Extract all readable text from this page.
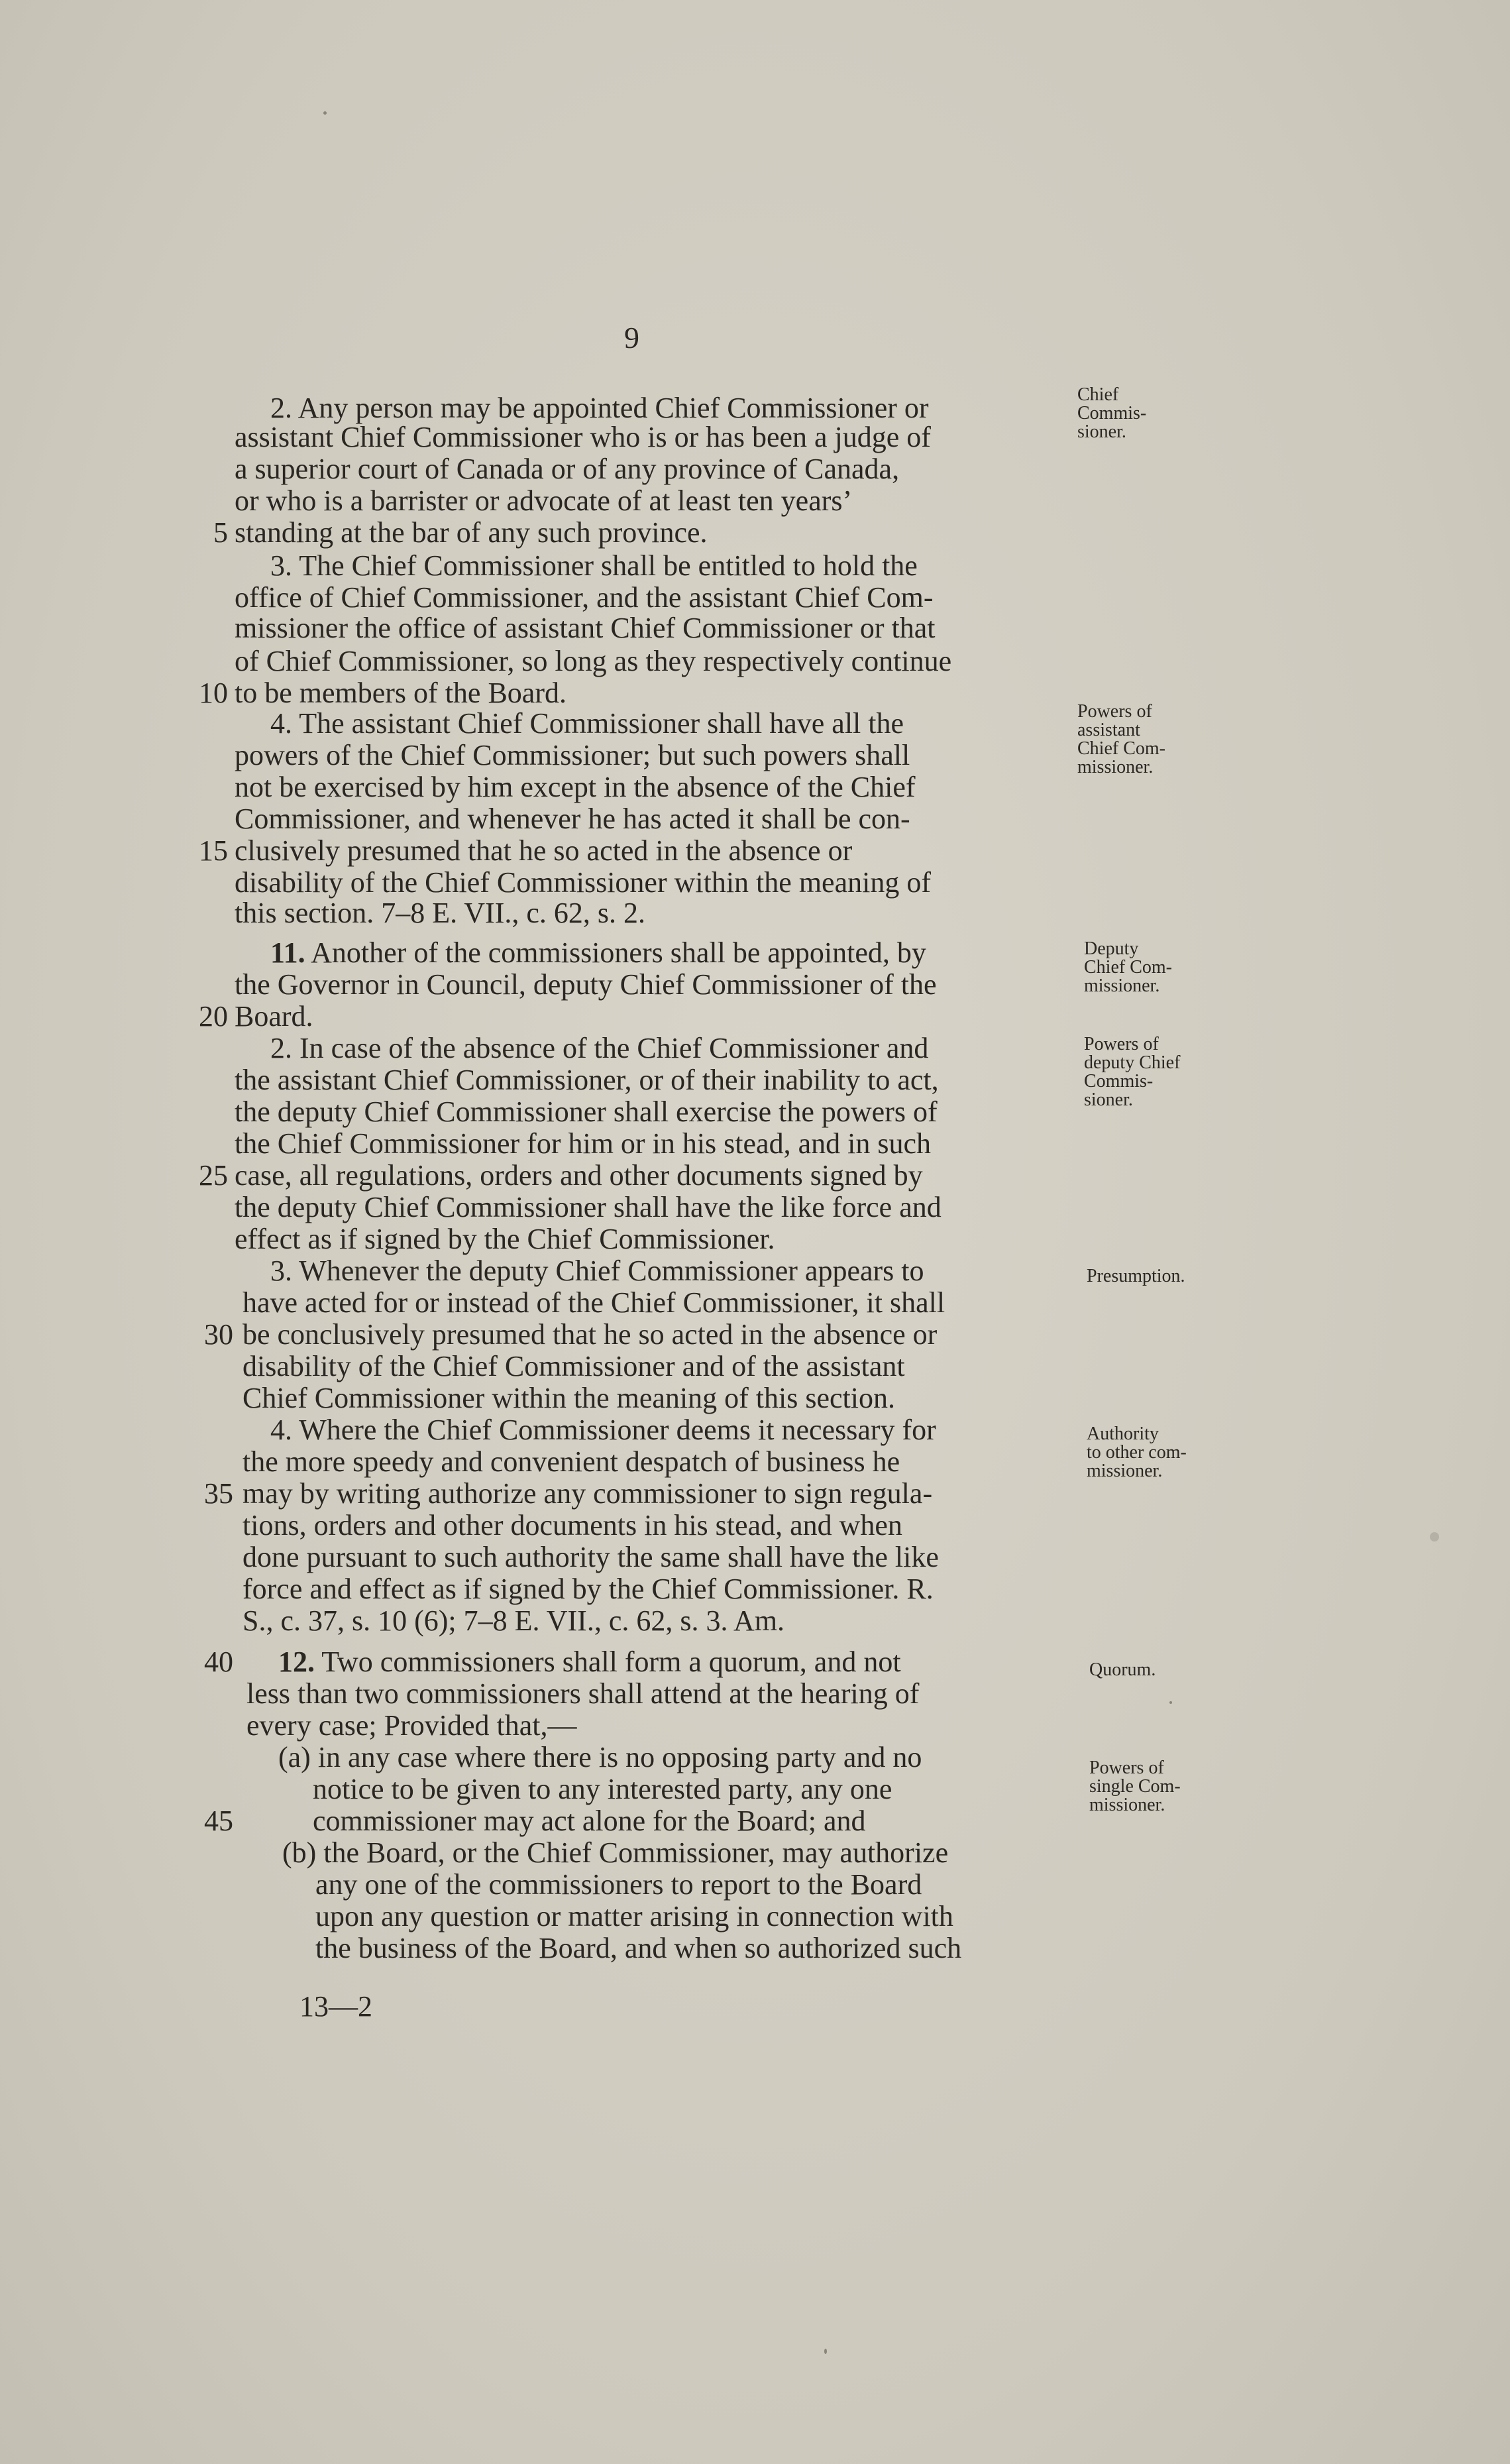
9
2. Any person may be appointed Chief Commissioner or
assistant Chief Commissioner who is or has been a judge of
a superior court of Canada or of any province of Canada,
or who is a barrister or advocate of at least ten years’
standing at the bar of any such province.
5
3. The Chief Commissioner shall be entitled to hold the
office of Chief Commissioner, and the assistant Chief Com-
missioner the office of assistant Chief Commissioner or that
of Chief Commissioner, so long as they respectively continue
to be members of the Board.
10
4. The assistant Chief Commissioner shall have all the
powers of the Chief Commissioner; but such powers shall
not be exercised by him except in the absence of the Chief
Commissioner, and whenever he has acted it shall be con-
clusively presumed that he so acted in the absence or
15
disability of the Chief Commissioner within the meaning of
this section. 7–8 E. VII., c. 62, s. 2.
11. Another of the commissioners shall be appointed, by
the Governor in Council, deputy Chief Commissioner of the
Board.
20
2. In case of the absence of the Chief Commissioner and
the assistant Chief Commissioner, or of their inability to act,
the deputy Chief Commissioner shall exercise the powers of
the Chief Commissioner for him or in his stead, and in such
case, all regulations, orders and other documents signed by
25
the deputy Chief Commissioner shall have the like force and
effect as if signed by the Chief Commissioner.
3. Whenever the deputy Chief Commissioner appears to
have acted for or instead of the Chief Commissioner, it shall
be conclusively presumed that he so acted in the absence or
30
disability of the Chief Commissioner and of the assistant
Chief Commissioner within the meaning of this section.
4. Where the Chief Commissioner deems it necessary for
the more speedy and convenient despatch of business he
may by writing authorize any commissioner to sign regula-
35
tions, orders and other documents in his stead, and when
done pursuant to such authority the same shall have the like
force and effect as if signed by the Chief Commissioner. R.
S., c. 37, s. 10 (6); 7–8 E. VII., c. 62, s. 3. Am.
12. Two commissioners shall form a quorum, and not
40
less than two commissioners shall attend at the hearing of
every case; Provided that,—
(a) in any case where there is no opposing party and no
notice to be given to any interested party, any one
commissioner may act alone for the Board; and
45
(b) the Board, or the Chief Commissioner, may authorize
any one of the commissioners to report to the Board
upon any question or matter arising in connection with
the business of the Board, and when so authorized such
Chief
Commis-
sioner.
Powers of
assistant
Chief Com-
missioner.
Deputy
Chief Com-
missioner.
Powers of
deputy Chief
Commis-
sioner.
Presumption.
Authority
to other com-
missioner.
Quorum.
Powers of
single Com-
missioner.
13—2
